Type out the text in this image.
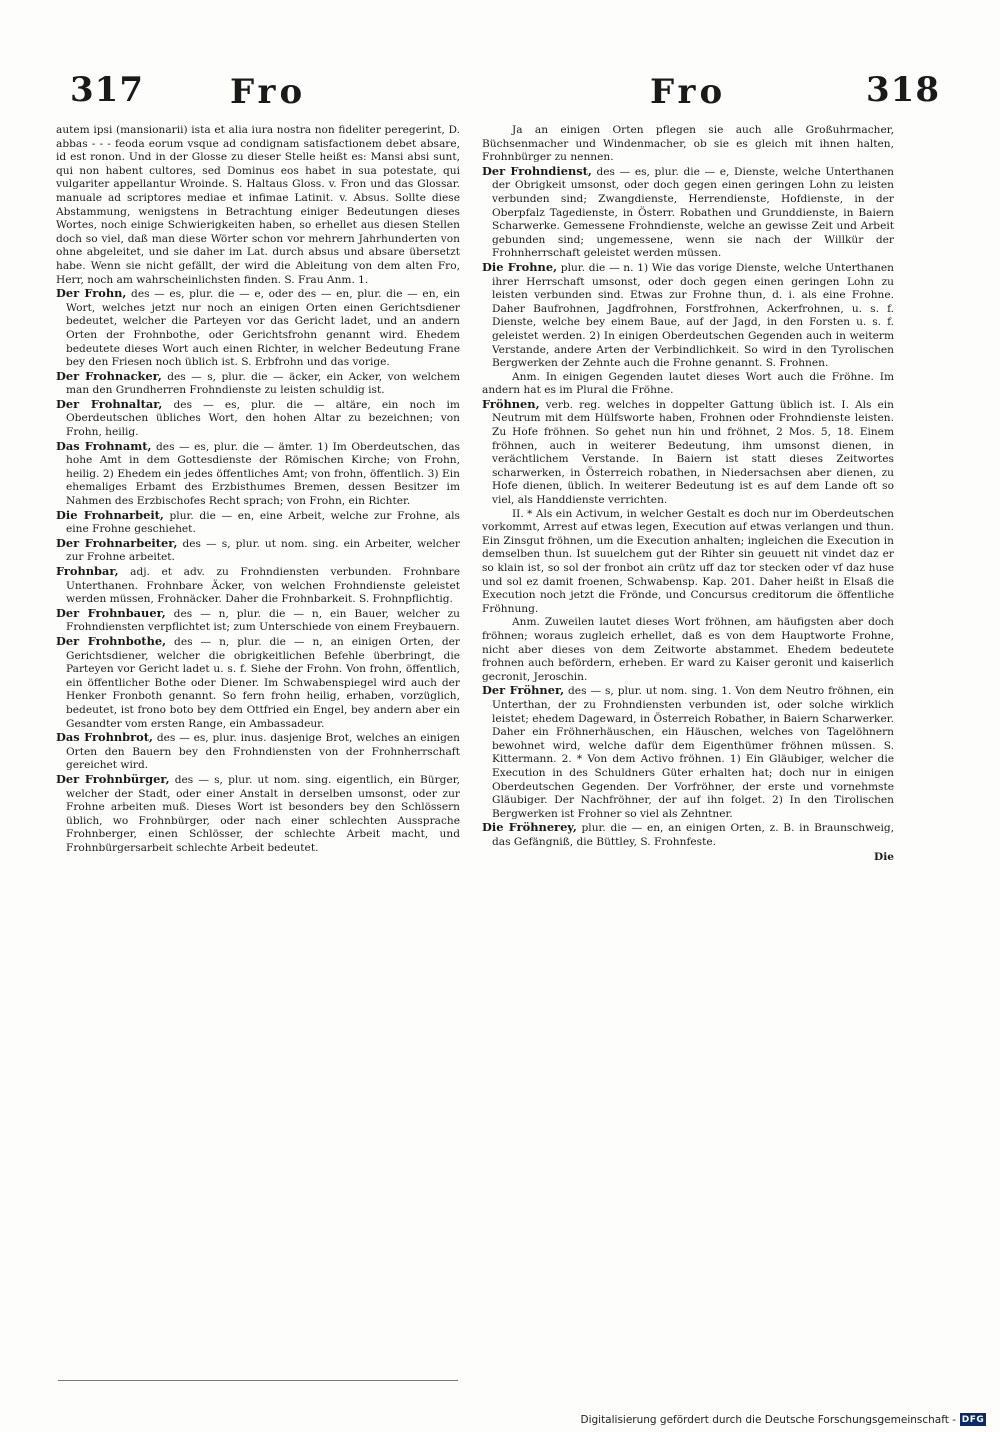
317	Fro	Fro	318

autem ipsi (mansionarii) ista et alia iura nostra non fideliter peregerint, D. abbas - - - feoda eorum vsque ad condignam satisfactionem debet absare, id est ronon. Und in der Glosse zu dieser Stelle heißt es: Mansi absi sunt, qui non habent cultores, sed Dominus eos habet in sua potestate, qui vulgariter appellantur Wroinde. S. Haltaus Gloss. v. Fron und das Glossar. manuale ad scriptores mediae et infimae Latinit. v. Absus. Sollte diese Abstammung, wenigstens in Betrachtung einiger Bedeutungen dieses Wortes, noch einige Schwierigkeiten haben, so erhellet aus diesen Stellen doch so viel, daß man diese Wörter schon vor mehrern Jahrhunderten von ohne abgeleitet, und sie daher im Lat. durch absus und absare übersetzt habe. Wenn sie nicht gefällt, der wird die Ableitung von dem alten Fro, Herr, noch am wahrscheinlichsten finden. S. Frau Anm. 1.

Der Frohn, des — es, plur. die — e, oder des — en, plur. die — en, ein Wort, welches jetzt nur noch an einigen Orten einen Gerichtsdiener bedeutet, welcher die Parteyen vor das Gericht ladet, und an andern Orten der Frohnbothe, oder Gerichtsfrohn genannt wird. Ehedem bedeutete dieses Wort auch einen Richter, in welcher Bedeutung Frane bey den Friesen noch üblich ist. S. Erbfrohn und das vorige.

Der Frohnacker, des — s, plur. die — äcker, ein Acker, von welchem man den Grundherren Frohndienste zu leisten schuldig ist.

Der Frohnaltar, des — es, plur. die — altäre, ein noch im Oberdeutschen übliches Wort, den hohen Altar zu bezeichnen; von Frohn, heilig.

Das Frohnamt, des — es, plur. die — ämter. 1) Im Oberdeutschen, das hohe Amt in dem Gottesdienste der Römischen Kirche; von Frohn, heilig. 2) Ehedem ein jedes öffentliches Amt; von frohn, öffentlich. 3) Ein ehemaliges Erbamt des Erzbisthumes Bremen, dessen Besitzer im Nahmen des Erzbischofes Recht sprach; von Frohn, ein Richter.

Die Frohnarbeit, plur. die — en, eine Arbeit, welche zur Frohne, als eine Frohne geschiehet.

Der Frohnarbeiter, des — s, plur. ut nom. sing. ein Arbeiter, welcher zur Frohne arbeitet.

Frohnbar, adj. et adv. zu Frohndiensten verbunden. Frohnbare Unterthanen. Frohnbare Äcker, von welchen Frohndienste geleistet werden müssen, Frohnäcker. Daher die Frohnbarkeit. S. Frohnpflichtig.

Der Frohnbauer, des — n, plur. die — n, ein Bauer, welcher zu Frohndiensten verpflichtet ist; zum Unterschiede von einem Freybauern.

Der Frohnbothe, des — n, plur. die — n, an einigen Orten, der Gerichtsdiener, welcher die obrigkeitlichen Befehle überbringt, die Parteyen vor Gericht ladet u. s. f. Siehe der Frohn. Von frohn, öffentlich, ein öffentlicher Bothe oder Diener. Im Schwabenspiegel wird auch der Henker Fronboth genannt. So fern frohn heilig, erhaben, vorzüglich, bedeutet, ist frono boto bey dem Ottfried ein Engel, bey andern aber ein Gesandter vom ersten Range, ein Ambassadeur.

Das Frohnbrot, des — es, plur. inus. dasjenige Brot, welches an einigen Orten den Bauern bey den Frohndiensten von der Frohnherrschaft gereichet wird.

Der Frohnbürger, des — s, plur. ut nom. sing. eigentlich, ein Bürger, welcher der Stadt, oder einer Anstalt in derselben umsonst, oder zur Frohne arbeiten muß. Dieses Wort ist besonders bey den Schlössern üblich, wo Frohnbürger, oder nach einer schlechten Aussprache Frohnberger, einen Schlösser, der schlechte Arbeit macht, und Frohnbürgersarbeit schlechte Arbeit bedeutet.

Ja an einigen Orten pflegen sie auch alle Großuhrmacher, Büchsenmacher und Windenmacher, ob sie es gleich mit ihnen halten, Frohnbürger zu nennen.

Der Frohndienst, des — es, plur. die — e, Dienste, welche Unterthanen der Obrigkeit umsonst, oder doch gegen einen geringen Lohn zu leisten verbunden sind; Zwangdienste, Herrendienste, Hofdienste, in der Oberpfalz Tagedienste, in Österr. Robathen und Grunddienste, in Baiern Scharwerke. Gemessene Frohndienste, welche an gewisse Zeit und Arbeit gebunden sind; ungemessene, wenn sie nach der Willkür der Frohnherrschaft geleistet werden müssen.

Die Frohne, plur. die — n. 1) Wie das vorige Dienste, welche Unterthanen ihrer Herrschaft umsonst, oder doch gegen einen geringen Lohn zu leisten verbunden sind. Etwas zur Frohne thun, d. i. als eine Frohne. Daher Baufrohnen, Jagdfrohnen, Forstfrohnen, Ackerfrohnen, u. s. f. Dienste, welche bey einem Baue, auf der Jagd, in den Forsten u. s. f. geleistet werden. 2) In einigen Oberdeutschen Gegenden auch in weiterm Verstande, andere Arten der Verbindlichkeit. So wird in den Tyrolischen Bergwerken der Zehnte auch die Frohne genannt. S. Frohnen.

Anm. In einigen Gegenden lautet dieses Wort auch die Fröhne. Im andern hat es im Plural die Fröhne.

Fröhnen, verb. reg. welches in doppelter Gattung üblich ist. I. Als ein Neutrum mit dem Hülfsworte haben, Frohnen oder Frohndienste leisten. Zu Hofe fröhnen. So gehet nun hin und fröhnet, 2 Mos. 5, 18. Einem fröhnen, auch in weiterer Bedeutung, ihm umsonst dienen, in verächtlichem Verstande. In Baiern ist statt dieses Zeitwortes scharwerken, in Österreich robathen, in Niedersachsen aber dienen, zu Hofe dienen, üblich. In weiterer Bedeutung ist es auf dem Lande oft so viel, als Handdienste verrichten.

II. * Als ein Activum, in welcher Gestalt es doch nur im Oberdeutschen vorkommt, Arrest auf etwas legen, Execution auf etwas verlangen und thun. Ein Zinsgut fröhnen, um die Execution anhalten; ingleichen die Execution in demselben thun. Ist suuelchem gut der Rihter sin geuuett nit vindet daz er so klain ist, so sol der fronbot ain crütz uff daz tor stecken oder vf daz huse und sol ez damit froenen, Schwabensp. Kap. 201. Daher heißt in Elsaß die Execution noch jetzt die Frönde, und Concursus creditorum die öffentliche Fröhnung.

Anm. Zuweilen lautet dieses Wort fröhnen, am häufigsten aber doch fröhnen; woraus zugleich erhellet, daß es von dem Hauptworte Frohne, nicht aber dieses von dem Zeitworte abstammet. Ehedem bedeutete frohnen auch befördern, erheben. Er ward zu Kaiser geronit und kaiserlich gecronit, Jeroschin.

Der Fröhner, des — s, plur. ut nom. sing. 1. Von dem Neutro fröhnen, ein Unterthan, der zu Frohndiensten verbunden ist, oder solche wirklich leistet; ehedem Dageward, in Österreich Robather, in Baiern Scharwerker. Daher ein Fröhnerhäuschen, ein Häuschen, welches von Tagelöhnern bewohnet wird, welche dafür dem Eigenthümer fröhnen müssen. S. Kittermann. 2. * Von dem Activo fröhnen. 1) Ein Gläubiger, welcher die Execution in des Schuldners Güter erhalten hat; doch nur in einigen Oberdeutschen Gegenden. Der Vorfröhner, der erste und vornehmste Gläubiger. Der Nachfröhner, der auf ihn folget. 2) In den Tirolischen Bergwerken ist Frohner so viel als Zehntner.

Die Fröhnerey, plur. die — en, an einigen Orten, z. B. in Braunschweig, das Gefängniß, die Büttley, S. Frohnfeste.

Die
Digitalisierung gefördert durch die Deutsche Forschungsgemeinschaft - DFG
